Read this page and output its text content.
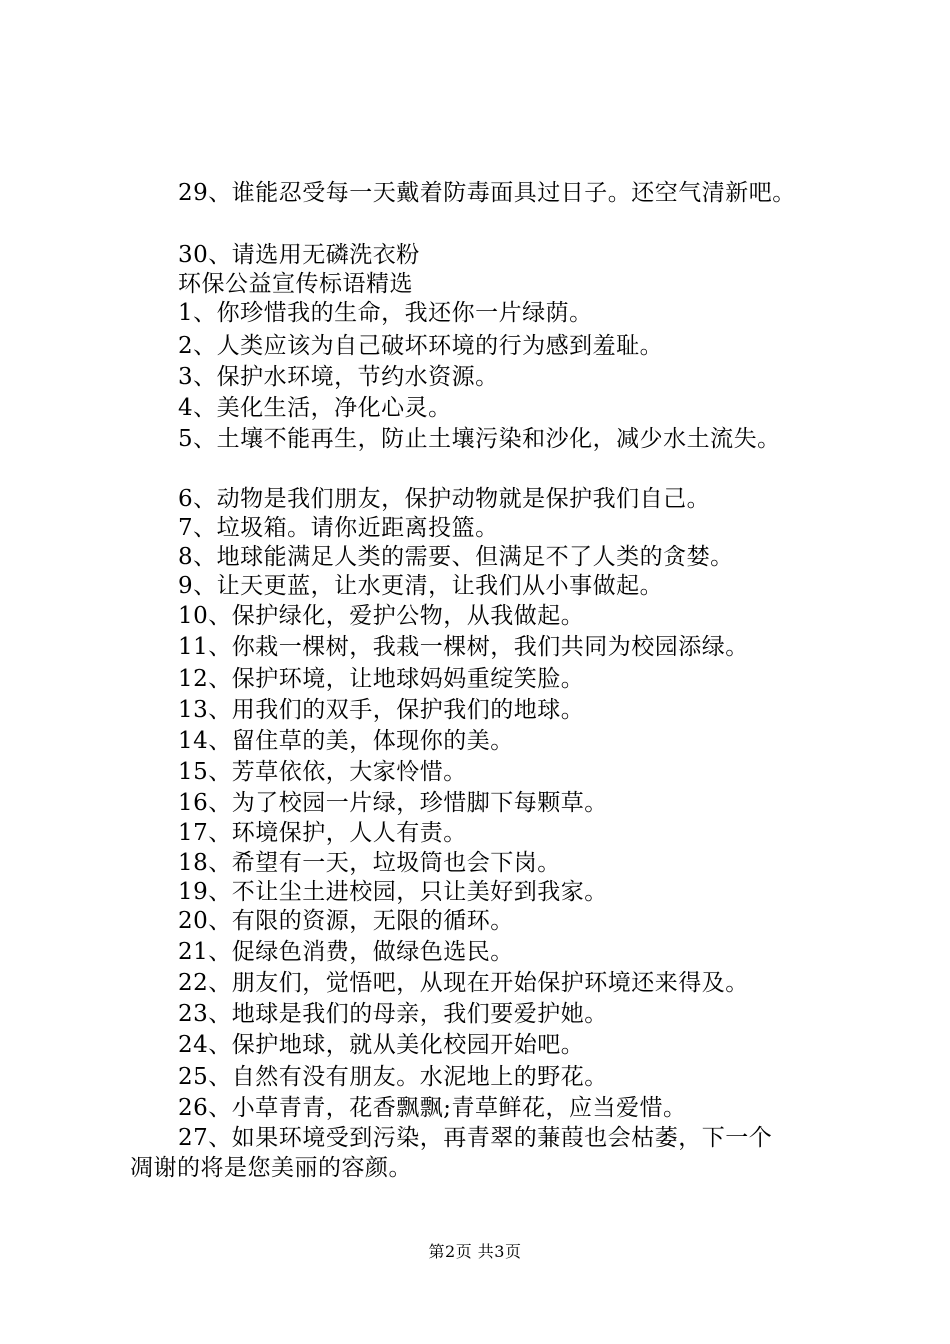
29、谁能忍受每一天戴着防毒面具过日子。还空气清新吧。
30、请选用无磷洗衣粉
环保公益宣传标语精选
1、你珍惜我的生命，我还你一片绿荫。
2、人类应该为自己破坏环境的行为感到羞耻。
3、保护水环境，节约水资源。
4、美化生活，净化心灵。
5、土壤不能再生，防止土壤污染和沙化，减少水土流失。
6、动物是我们朋友，保护动物就是保护我们自己。
7、垃圾箱。请你近距离投篮。
8、地球能满足人类的需要、但满足不了人类的贪婪。
9、让天更蓝，让水更清，让我们从小事做起。
10、保护绿化，爱护公物，从我做起。
11、你栽一棵树，我栽一棵树，我们共同为校园添绿。
12、保护环境，让地球妈妈重绽笑脸。
13、用我们的双手，保护我们的地球。
14、留住草的美，体现你的美。
15、芳草依依，大家怜惜。
16、为了校园一片绿，珍惜脚下每颗草。
17、环境保护，人人有责。
18、希望有一天，垃圾筒也会下岗。
19、不让尘土进校园，只让美好到我家。
20、有限的资源，无限的循环。
21、促绿色消费，做绿色选民。
22、朋友们，觉悟吧，从现在开始保护环境还来得及。
23、地球是我们的母亲，我们要爱护她。
24、保护地球，就从美化校园开始吧。
25、自然有没有朋友。水泥地上的野花。
26、小草青青，花香飘飘;青草鲜花，应当爱惜。
27、如果环境受到污染，再青翠的蒹葭也会枯萎，下一个
凋谢的将是您美丽的容颜。
第2页 共3页
